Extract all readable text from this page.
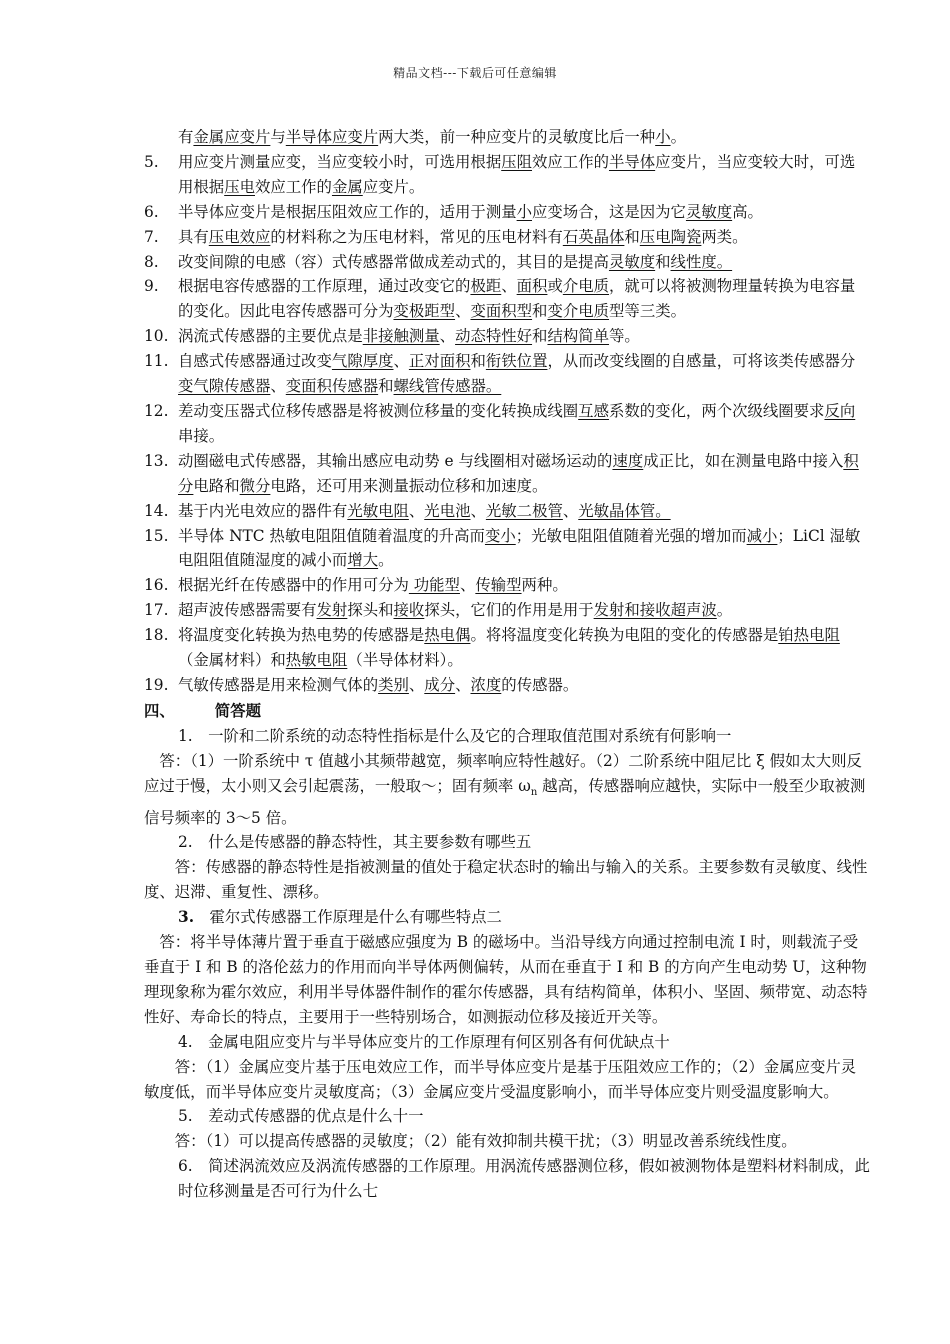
精品文档---下载后可任意编辑
有金属应变片与半导体应变片两大类，前一种应变片的灵敏度比后一种小。
5. 用应变片测量应变，当应变较小时，可选用根据压阻效应工作的半导体应变片，当应变较大时，可选用根据压电效应工作的金属应变片。
6. 半导体应变片是根据压阻效应工作的，适用于测量小应变场合，这是因为它灵敏度高。
7. 具有压电效应的材料称之为压电材料，常见的压电材料有石英晶体和压电陶瓷两类。
8. 改变间隙的电感（容）式传感器常做成差动式的，其目的是提高灵敏度和线性度。
9. 根据电容传感器的工作原理，通过改变它的极距、面积或介电质，就可以将被测物理量转换为电容量的变化。因此电容传感器可分为变极距型、变面积型和变介电质型等三类。
10. 涡流式传感器的主要优点是非接触测量、动态特性好和结构简单等。
11. 自感式传感器通过改变气隙厚度、正对面积和衔铁位置，从而改变线圈的自感量，可将该类传感器分变气隙传感器、变面积传感器和螺线管传感器。
12. 差动变压器式位移传感器是将被测位移量的变化转换成线圈互感系数的变化，两个次级线圈要求反向串接。
13. 动圈磁电式传感器，其输出感应电动势 e 与线圈相对磁场运动的速度成正比，如在测量电路中接入积分电路和微分电路，还可用来测量振动位移和加速度。
14. 基于内光电效应的器件有光敏电阻、光电池、光敏二极管、光敏晶体管。
15. 半导体 NTC 热敏电阻阻值随着温度的升高而变小；光敏电阻阻值随着光强的增加而减小；LiCl 湿敏电阻阻值随湿度的减小而增大。
16. 根据光纤在传感器中的作用可分为 功能型、传输型两种。
17. 超声波传感器需要有发射探头和接收探头，它们的作用是用于发射和接收超声波。
18. 将温度变化转换为热电势的传感器是热电偶。将将温度变化转换为电阻的变化的传感器是铂热电阻（金属材料）和热敏电阻（半导体材料）。
19. 气敏传感器是用来检测气体的类别、成分、浓度的传感器。
四、	简答题
1.　一阶和二阶系统的动态特性指标是什么及它的合理取值范围对系统有何影响一
　答：（1）一阶系统中 τ 值越小其频带越宽，频率响应特性越好。（2）二阶系统中阻尼比 ξ 假如太大则反应过于慢，太小则又会引起震荡，一般取～；固有频率 $\omega_n$ 越高，传感器响应越快，实际中一般至少取被测信号频率的 3～5 倍。
2.　什么是传感器的静态特性，其主要参数有哪些五
　　答：传感器的静态特性是指被测量的值处于稳定状态时的输出与输入的关系。主要参数有灵敏度、线性度、迟滞、重复性、漂移。
3.　霍尔式传感器工作原理是什么有哪些特点二
　答：将半导体薄片置于垂直于磁感应强度为 B 的磁场中。当沿导线方向通过控制电流 I 时，则载流子受垂直于 I 和 B 的洛伦兹力的作用而向半导体两侧偏转，从而在垂直于 I 和 B 的方向产生电动势 U，这种物理现象称为霍尔效应，利用半导体器件制作的霍尔传感器，具有结构简单，体积小、坚固、频带宽、动态特性好、寿命长的特点，主要用于一些特别场合，如测振动位移及接近开关等。
4.　金属电阻应变片与半导体应变片的工作原理有何区别各有何优缺点十
　　答：（1）金属应变片基于压电效应工作，而半导体应变片是基于压阻效应工作的；（2）金属应变片灵敏度低，而半导体应变片灵敏度高；（3）金属应变片受温度影响小，而半导体应变片则受温度影响大。
5.　差动式传感器的优点是什么十一
　　答：（1）可以提高传感器的灵敏度；（2）能有效抑制共模干扰；（3）明显改善系统线性度。
6.　简述涡流效应及涡流传感器的工作原理。用涡流传感器测位移，假如被测物体是塑料材料制成，此时位移测量是否可行为什么七
